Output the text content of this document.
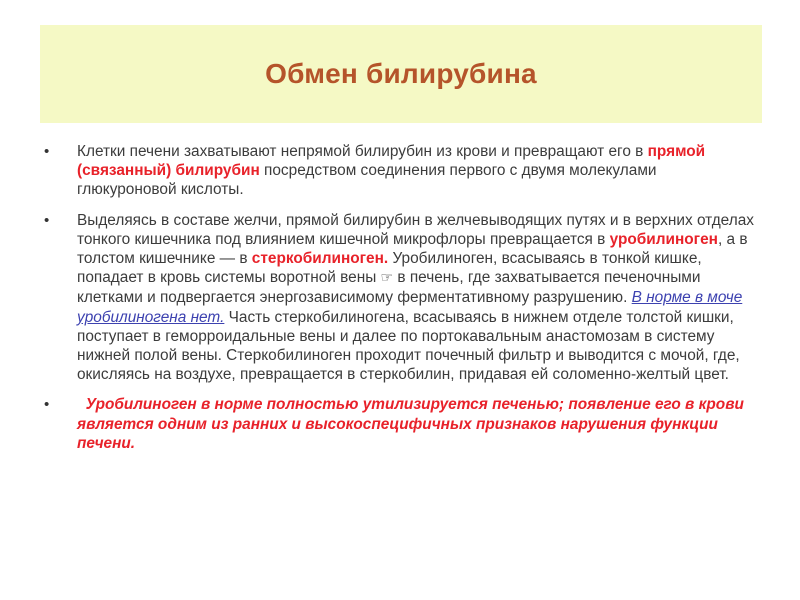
Обмен билирубина
• Клетки печени захватывают непрямой билирубин из крови и превращают его в прямой (связанный) билирубин посредством соединения первого с двумя молекулами глюкуроновой кислоты.
• Выделяясь в составе желчи, прямой билирубин в желчевыводящих путях и в верхних отделах тонкого кишечника под влиянием кишечной микрофлоры превращается в уробилиноген, а в толстом кишечнике — в стеркобилиноген. Уробилиноген, всасываясь в тонкой кишке, попадает в кровь системы воротной вены ☞ в печень, где захватывается печеночными клетками и подвергается энергозависимому ферментативному разрушению. В норме в моче уробилиногена нет. Часть стеркобилиногена, всасываясь в нижнем отделе толстой кишки, поступает в геморроидальные вены и далее по портокавальным анастомозам в систему нижней полой вены. Стеркобилиноген проходит почечный фильтр и выводится с мочой, где, окисляясь на воздухе, превращается в стеркобилин, придавая ей соломенно-желтый цвет.
• Уробилиноген в норме полностью утилизируется печенью; появление его в крови является одним из ранних и высокоспецифичных признаков нарушения функции печени.
